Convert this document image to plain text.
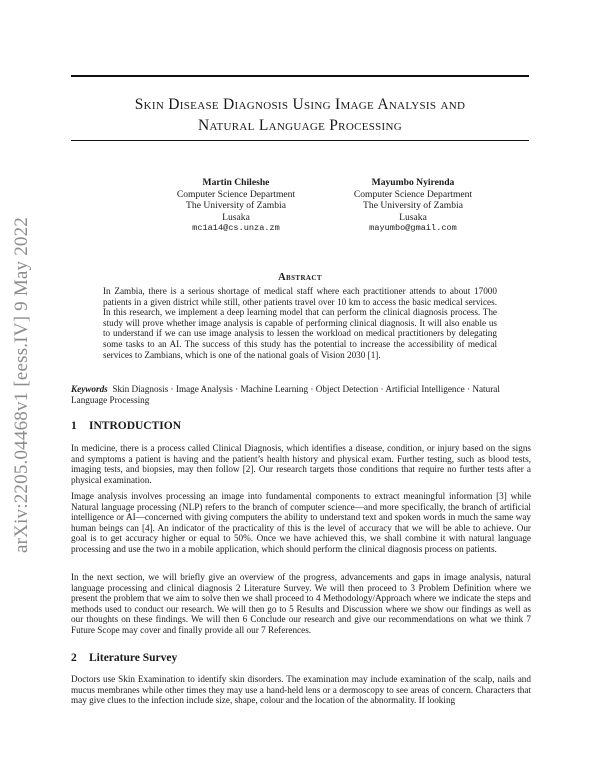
arXiv:2205.04468v1 [eess.IV] 9 May 2022
Skin Disease Diagnosis Using Image Analysis and
Natural Language Processing
Martin Chileshe
Computer Science Department
The University of Zambia
Lusaka
mc1a14@cs.unza.zm
Mayumbo Nyirenda
Computer Science Department
The University of Zambia
Lusaka
mayumbo@gmail.com
Abstract

In Zambia, there is a serious shortage of medical staff where each practitioner attends to about 17000 patients in a given district while still, other patients travel over 10 km to access the basic medical services. In this research, we implement a deep learning model that can perform the clinical diagnosis process. The study will prove whether image analysis is capable of performing clinical diagnosis. It will also enable us to understand if we can use image analysis to lessen the workload on medical practitioners by delegating some tasks to an AI. The success of this study has the potential to increase the accessibility of medical services to Zambians, which is one of the national goals of Vision 2030 [1].

Keywords Skin Diagnosis · Image Analysis · Machine Learning · Object Detection · Artificial Intelligence · Natural Language Processing

1 INTRODUCTION

In medicine, there is a process called Clinical Diagnosis, which identifies a disease, condition, or injury based on the signs and symptoms a patient is having and the patient’s health history and physical exam. Further testing, such as blood tests, imaging tests, and biopsies, may then follow [2]. Our research targets those conditions that require no further tests after a physical examination.

Image analysis involves processing an image into fundamental components to extract meaningful information [3] while Natural language processing (NLP) refers to the branch of computer science—and more specifically, the branch of artificial intelligence or AI—concerned with giving computers the ability to understand text and spoken words in much the same way human beings can [4]. An indicator of the practicality of this is the level of accuracy that we will be able to achieve. Our goal is to get accuracy higher or equal to 50%. Once we have achieved this, we shall combine it with natural language processing and use the two in a mobile application, which should perform the clinical diagnosis process on patients.

In the next section, we will briefly give an overview of the progress, advancements and gaps in image analysis, natural language processing and clinical diagnosis 2 Literature Survey. We will then proceed to 3 Problem Definition where we present the problem that we aim to solve then we shall proceed to 4 Methodology/Approach where we indicate the steps and methods used to conduct our research. We will then go to 5 Results and Discussion where we show our findings as well as our thoughts on these findings. We will then 6 Conclude our research and give our recommendations on what we think 7 Future Scope may cover and finally provide all our 7 References.

2 Literature Survey

Doctors use Skin Examination to identify skin disorders. The examination may include examination of the scalp, nails and mucus membranes while other times they may use a hand-held lens or a dermoscopy to see areas of concern. Characters that may give clues to the infection include size, shape, colour and the location of the abnormality. If looking
